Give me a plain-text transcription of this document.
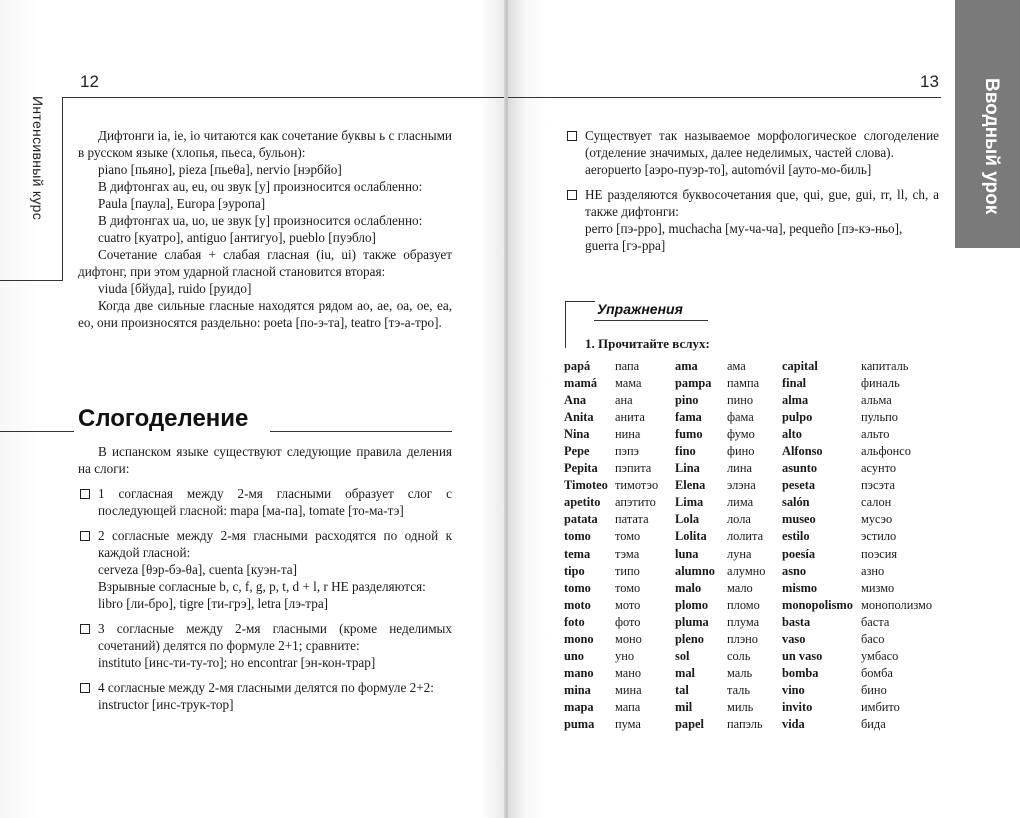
12
Интенсивный курс	Дифтонги ia, ie, io читаются как сочетание буквы ь с гласными в русском языке (хлопья, пьеса, бульон):

piano [пьяно], pieza [пьеθа], nervio [нэрбйо]

В дифтонгах au, eu, ou звук [у] произносится ослабленно:

Paula [паула], Europa [эуропа]

В дифтонгах ua, uo, ue звук [у] произносится ослабленно:

cuatro [куатро], antiguo [антигуо], pueblo [пуэбло]

Сочетание слабая + слабая гласная (iu, ui) также образует дифтонг, при этом ударной гласной становится вторая:

viuda [бйуда], ruido [руидо]

Когда две сильные гласные находятся рядом ao, ae, oa, oe, ea, eo, они произносятся раздельно: poeta [по-э-та], teatro [тэ-а-тро].

Слогоделение

В испанском языке существуют следующие правила деления на слоги:

1 согласная между 2-мя гласными образует слог с последующей гласной: mapa [ма-па], tomate [то-ма-тэ]

2 согласные между 2-мя гласными расходятся по одной к каждой гласной:

cerveza [θэр-бэ-θа], cuenta [куэн-та]

Взрывные согласные b, c, f, g, p, t, d + l, r НЕ разделяются:

libro [ли-бро], tigre [ти-грэ], letra [лэ-тра]

3 согласные между 2-мя гласными (кроме неделимых сочетаний) делятся по формуле 2+1; сравните:

instituto [инс-ти-ту-то]; но encontrar [эн-кон-трар]

4 согласные между 2-мя гласными делятся по формуле 2+2:

instructor [инс-трук-тор]

13 Вводный урок

Существует так называемое морфологическое слогоделение (отделение значимых, далее неделимых, частей слова).

aeropuerto [аэро-пуэр-то], automóvil [ауто-мо-биль]

НЕ разделяются буквосочетания que, qui, gue, gui, rr, ll, ch, а также дифтонги:

perro [пэ-рро], muchacha [му-ча-ча], pequeño [пэ-кэ-ньо], guerra [гэ-рра]

Упражнения
1. Прочитайте вслух:
papá
mamá
Ana
Anita
Nina
Pepe
Pepita
Timoteo
apetito
patata
tomo
tema
tipo
tomo
moto
foto
mono
uno
mano
mina
mapa
puma
папа
мама
ана
анита
нина
пэпэ
пэпита
тимотэо
апэтито
патата
томо
тэма
типо
томо
мото
фото
моно
уно
мано
мина
мапа
пума
ama
pampa
pino
fama
fumo
fino
Lina
Elena
Lima
Lola
Lolita
luna
alumno
malo
plomo
pluma
pleno
sol
mal
tal
mil
papel
ама
пампа
пино
фама
фумо
фино
лина
элэна
лима
лола
лолита
луна
алумно
мало
пломо
плума
плэно
соль
маль
таль
миль
папэль
capital
final
alma
pulpo
alto
Alfonso
asunto
peseta
salón
museo
estilo
poesía
asno
mismo
monopolismo
basta
vaso
un vaso
bomba
vino
invito
vida
капиталь
финаль
альма
пульпо
альто
альфонсо
асунто
пэсэта
салон
мусэо
эстило
поэсия
азно
мизмо
монополизмо
баста
басо
умбасо
бомба
бино
имбито
бида
